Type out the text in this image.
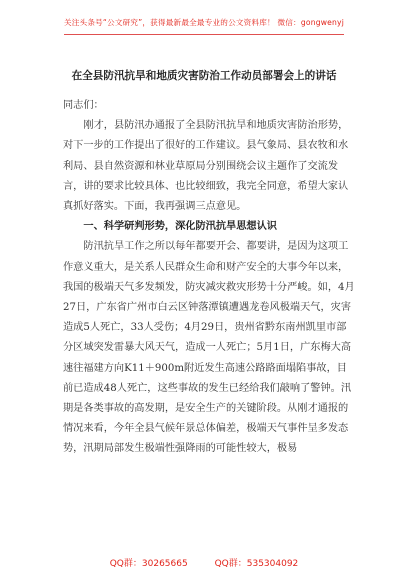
关注头条号“公文研究”，获得最新最全最专业的公文资料库！ 微信：gongwenyj
在全县防汛抗旱和地质灾害防治工作动员部署会上的讲话

同志们：

刚才，县防汛办通报了全县防汛抗旱和地质灾害防治形势，对下一步的工作提出了很好的工作建议。县气象局、县农牧和水利局、县自然资源和林业草原局分别围绕会议主题作了交流发言，讲的要求比较具体、也比较细致，我完全同意，希望大家认真抓好落实。下面，我再强调三点意见。

一、科学研判形势，深化防汛抗旱思想认识

防汛抗旱工作之所以每年都要开会、都要讲，是因为这项工作意义重大，是关系人民群众生命和财产安全的大事今年以来，我国的极端天气多发频发，防灾减灾救灾形势十分严峻。如，4月27日，广东省广州市白云区钟落潭镇遭遇龙卷风极端天气，灾害造成5人死亡，33人受伤；4月29日，贵州省黔东南州凯里市部分区域突发雷暴大风天气，造成一人死亡；5月1日，广东梅大高速往福建方向K11＋900m附近发生高速公路路面塌陷事故，目前已造成48人死亡，这些事故的发生已经给我们敲响了警钟。汛期是各类事故的高发期，是安全生产的关键阶段。从刚才通报的情况来看，今年全县气候年景总体偏差，极端天气事件呈多发态势，汛期局部发生极端性强降雨的可能性较大，极易

QQ群：30265665	QQ群：535304092
